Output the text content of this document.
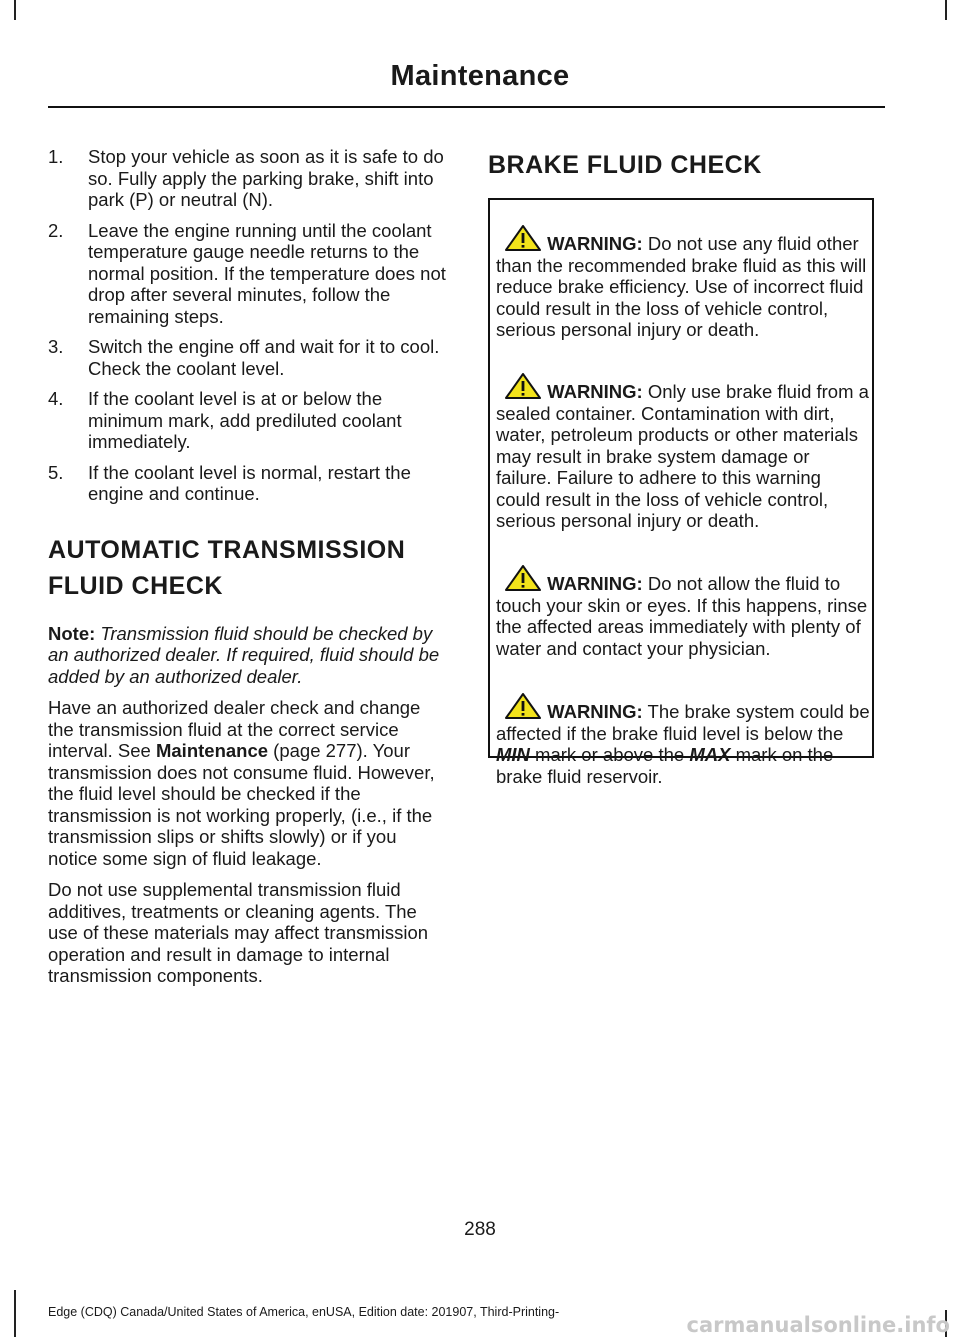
Maintenance
1. Stop your vehicle as soon as it is safe to do so. Fully apply the parking brake, shift into park (P) or neutral (N).
2. Leave the engine running until the coolant temperature gauge needle returns to the normal position. If the temperature does not drop after several minutes, follow the remaining steps.
3. Switch the engine off and wait for it to cool. Check the coolant level.
4. If the coolant level is at or below the minimum mark, add prediluted coolant immediately.
5. If the coolant level is normal, restart the engine and continue.
AUTOMATIC TRANSMISSION
FLUID CHECK

Note: Transmission fluid should be checked by an authorized dealer. If required, fluid should be added by an authorized dealer.

Have an authorized dealer check and change the transmission fluid at the correct service interval. See Maintenance (page 277). Your transmission does not consume fluid. However, the fluid level should be checked if the transmission is not working properly, (i.e., if the transmission slips or shifts slowly) or if you notice some sign of fluid leakage.

Do not use supplemental transmission fluid additives, treatments or cleaning agents. The use of these materials may affect transmission operation and result in damage to internal transmission components.

BRAKE FLUID CHECK
WARNING: Do not use any fluid other than the recommended brake fluid as this will reduce brake efficiency. Use of incorrect fluid could result in the loss of vehicle control, serious personal injury or death.
WARNING: Only use brake fluid from a sealed container. Contamination with dirt, water, petroleum products or other materials may result in brake system damage or failure. Failure to adhere to this warning could result in the loss of vehicle control, serious personal injury or death.
WARNING: Do not allow the fluid to touch your skin or eyes. If this happens, rinse the affected areas immediately with plenty of water and contact your physician.
WARNING: The brake system could be affected if the brake fluid level is below the MIN mark or above the MAX mark on the brake fluid reservoir.
288
Edge (CDQ) Canada/United States of America, enUSA, Edition date: 201907, Third-Printing-
carmanualsonline.info
